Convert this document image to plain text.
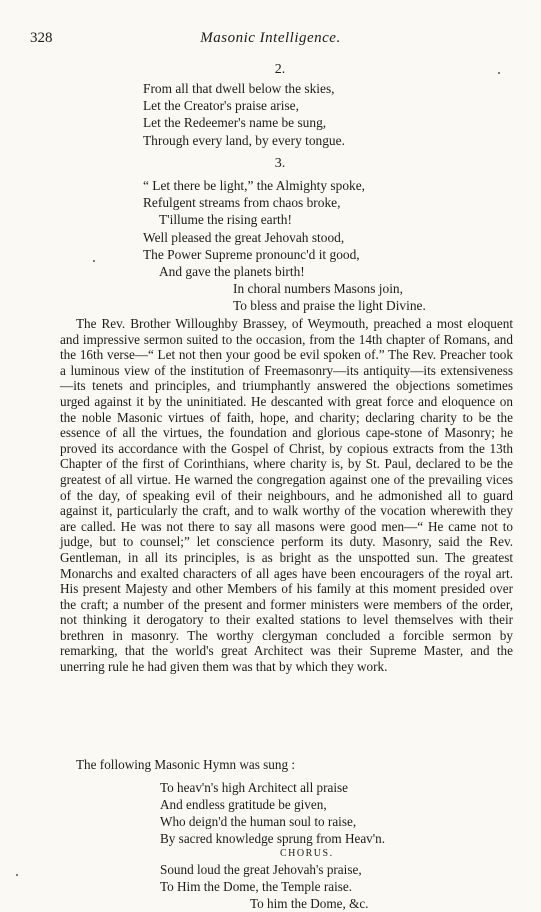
328	Masonic Intelligence.
2.
From all that dwell below the skies,
Let the Creator's praise arise,
Let the Redeemer's name be sung,
Through every land, by every tongue.
3.
“ Let there be light,” the Almighty spoke,
Refulgent streams from chaos broke,
T'illume the rising earth!
Well pleased the great Jehovah stood,
The Power Supreme pronounc'd it good,
And gave the planets birth!
In choral numbers Masons join,
To bless and praise the light Divine.

The Rev. Brother Willoughby Brassey, of Weymouth, preached a most eloquent and impressive sermon suited to the occasion, from the 14th chapter of Romans, and the 16th verse—“ Let not then your good be evil spoken of.” The Rev. Preacher took a luminous view of the institution of Freemasonry—its antiquity—its extensiveness—its tenets and principles, and triumphantly answered the objections sometimes urged against it by the uninitiated. He descanted with great force and eloquence on the noble Masonic virtues of faith, hope, and charity; declaring charity to be the essence of all the virtues, the foundation and glorious cape-stone of Masonry; he proved its accordance with the Gospel of Christ, by copious extracts from the 13th Chapter of the first of Corinthians, where charity is, by St. Paul, declared to be the greatest of all virtue. He warned the congregation against one of the prevailing vices of the day, of speaking evil of their neighbours, and he admonished all to guard against it, particularly the craft, and to walk worthy of the vocation wherewith they are called. He was not there to say all masons were good men—“ He came not to judge, but to counsel;” let conscience perform its duty. Masonry, said the Rev. Gentleman, in all its principles, is as bright as the unspotted sun. The greatest Monarchs and exalted characters of all ages have been encouragers of the royal art. His present Majesty and other Members of his family at this moment presided over the craft; a number of the present and former ministers were members of the order, not thinking it derogatory to their exalted stations to level themselves with their brethren in masonry. The worthy clergyman concluded a forcible sermon by remarking, that the world's great Architect was their Supreme Master, and the unerring rule he had given them was that by which they work.

The following Masonic Hymn was sung :
To heav'n's high Architect all praise
And endless gratitude be given,
Who deign'd the human soul to raise,
By sacred knowledge sprung from Heav'n.
CHORUS.
Sound loud the great Jehovah's praise,
To Him the Dome, the Temple raise.
To him the Dome, &c.
